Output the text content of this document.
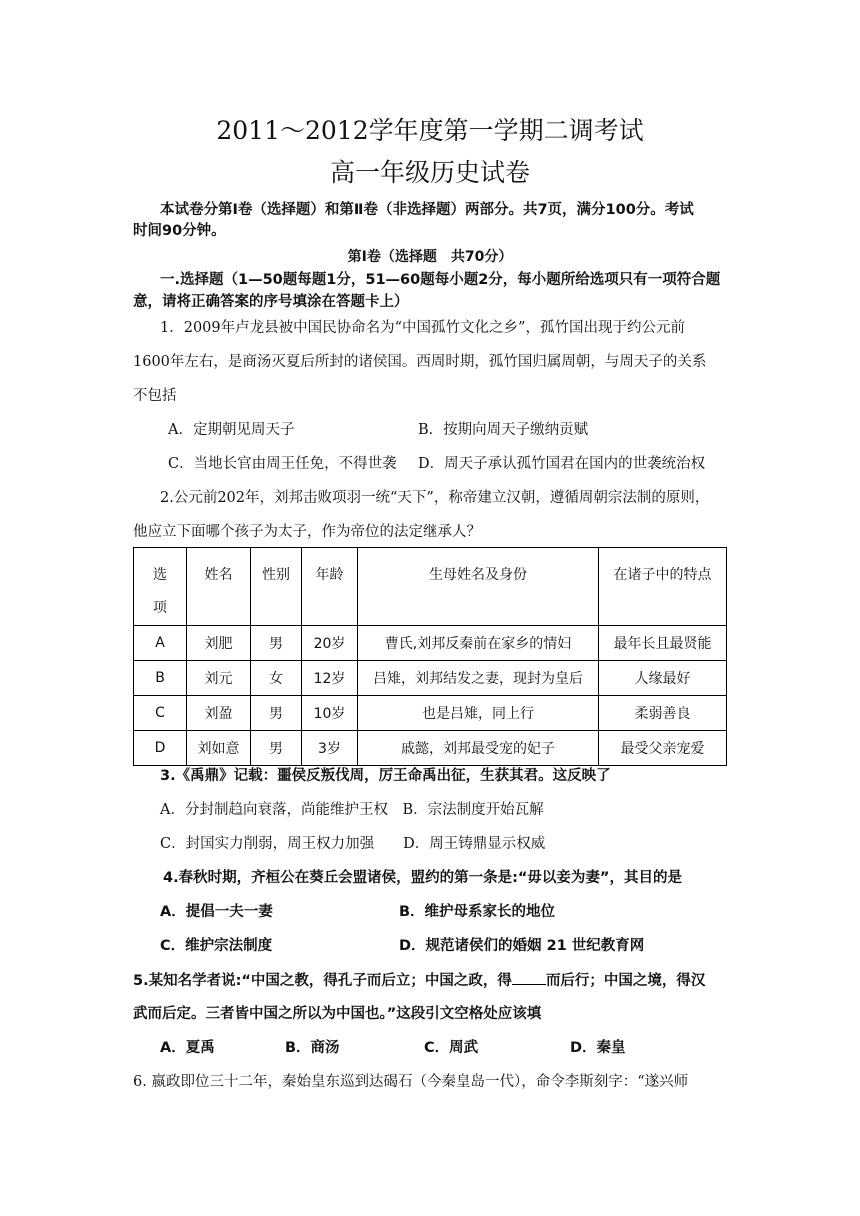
2011～2012学年度第一学期二调考试
高一年级历史试卷
本试卷分第Ⅰ卷（选择题）和第Ⅱ卷（非选择题）两部分。共7页，满分100分。考试
时间90分钟。
第Ⅰ卷（选择题　共70分）
一.选择题（1—50题每题1分，51—60题每小题2分，每小题所给选项只有一项符合题
意，请将正确答案的序号填涂在答题卡上）
1．2009年卢龙县被中国民协命名为“中国孤竹文化之乡”，孤竹国出现于约公元前
1600年左右，是商汤灭夏后所封的诸侯国。西周时期，孤竹国归属周朝，与周天子的关系
不包括
A．定期朝见周天子	B．按期向周天子缴纳贡赋
C．当地长官由周王任免，不得世袭 D．周天子承认孤竹国君在国内的世袭统治权
2.公元前202年，刘邦击败项羽一统“天下”，称帝建立汉朝，遵循周朝宗法制的原则，
他应立下面哪个孩子为太子，作为帝位的法定继承人？
选
项	姓名	性别	年龄	生母姓名及身份	在诸子中的特点

A	刘肥	男	20岁	曹氏,刘邦反秦前在家乡的情妇	最年长且最贤能
B	刘元	女	12岁	吕雉，刘邦结发之妻，现封为皇后	人缘最好
C	刘盈	男	10岁	也是吕雉，同上行	柔弱善良
D	刘如意	男	3岁	戚懿，刘邦最受宠的妃子	最受父亲宠爱
3.《禹鼎》记载：噩侯反叛伐周，厉王命禹出征，生获其君。这反映了
A．分封制趋向衰落，尚能维护王权　B．宗法制度开始瓦解
C．封国实力削弱，周王权力加强　　D．周王铸鼎显示权威
4.春秋时期，齐桓公在葵丘会盟诸侯，盟约的第一条是:“毋以妾为妻”，其目的是
A．提倡一夫一妻	B．维护母系家长的地位
C．维护宗法制度	D．规范诸侯们的婚姻 21 世纪教育网
5.某知名学者说:“中国之教，得孔子而后立；中国之政，得 而后行；中国之境，得汉
武而后定。三者皆中国之所以为中国也。”这段引文空格处应该填
A．夏禹	B．商汤	C．周武	D．秦皇
6. 嬴政即位三十二年，秦始皇东巡到达碣石（今秦皇岛一代），命令李斯刻字：“遂兴师
